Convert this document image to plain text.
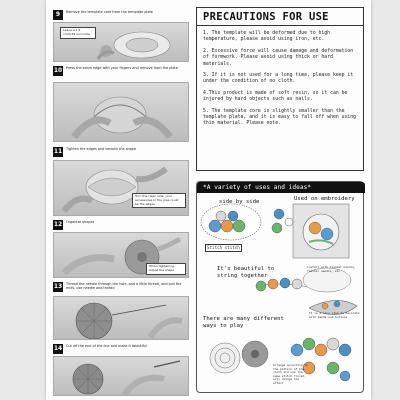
9	Remove the template core from the template plate
Leave a 1.5 cm/0.59 inch hole
10 Press the seam edge with your fingers and remove from the plate
11 Tighten the edges and smooth the shape
Turn the clean side, your accessories in the rose could be the edges
12 Organize shapes
When tightening, adjust the shape
13 Thread the needle through the hole, and a little thread, and pull the ends, use needle and thread
14 Cut off the end of the line and make it beautiful
PRECAUTIONS FOR USE
1. The template will be deformed due to high temperature, please avoid using iron, etc.
2. Excessive force will cause damage and deformation of formwork. Please avoid using thick or hard materials.
3. If it is not used for a long time, please keep it under the condition of no cloth.
4.This product is made of soft resin, so it can be injured by hard objects such as nails.
5. The template core is slightly smaller than the template plate, and it is easy to fall off when using thin material. Please note.
*A variety of uses and ideas*
side by side	Used on embroidery
Stitch stitch
It's beautiful to string together
install with blanket needle, feather needle, etc
It is a nice idea to decorate with beads and buttons
There are many different ways to play
Arrange according to the pattern of the cloth and use the same stitch finish will change the effect
